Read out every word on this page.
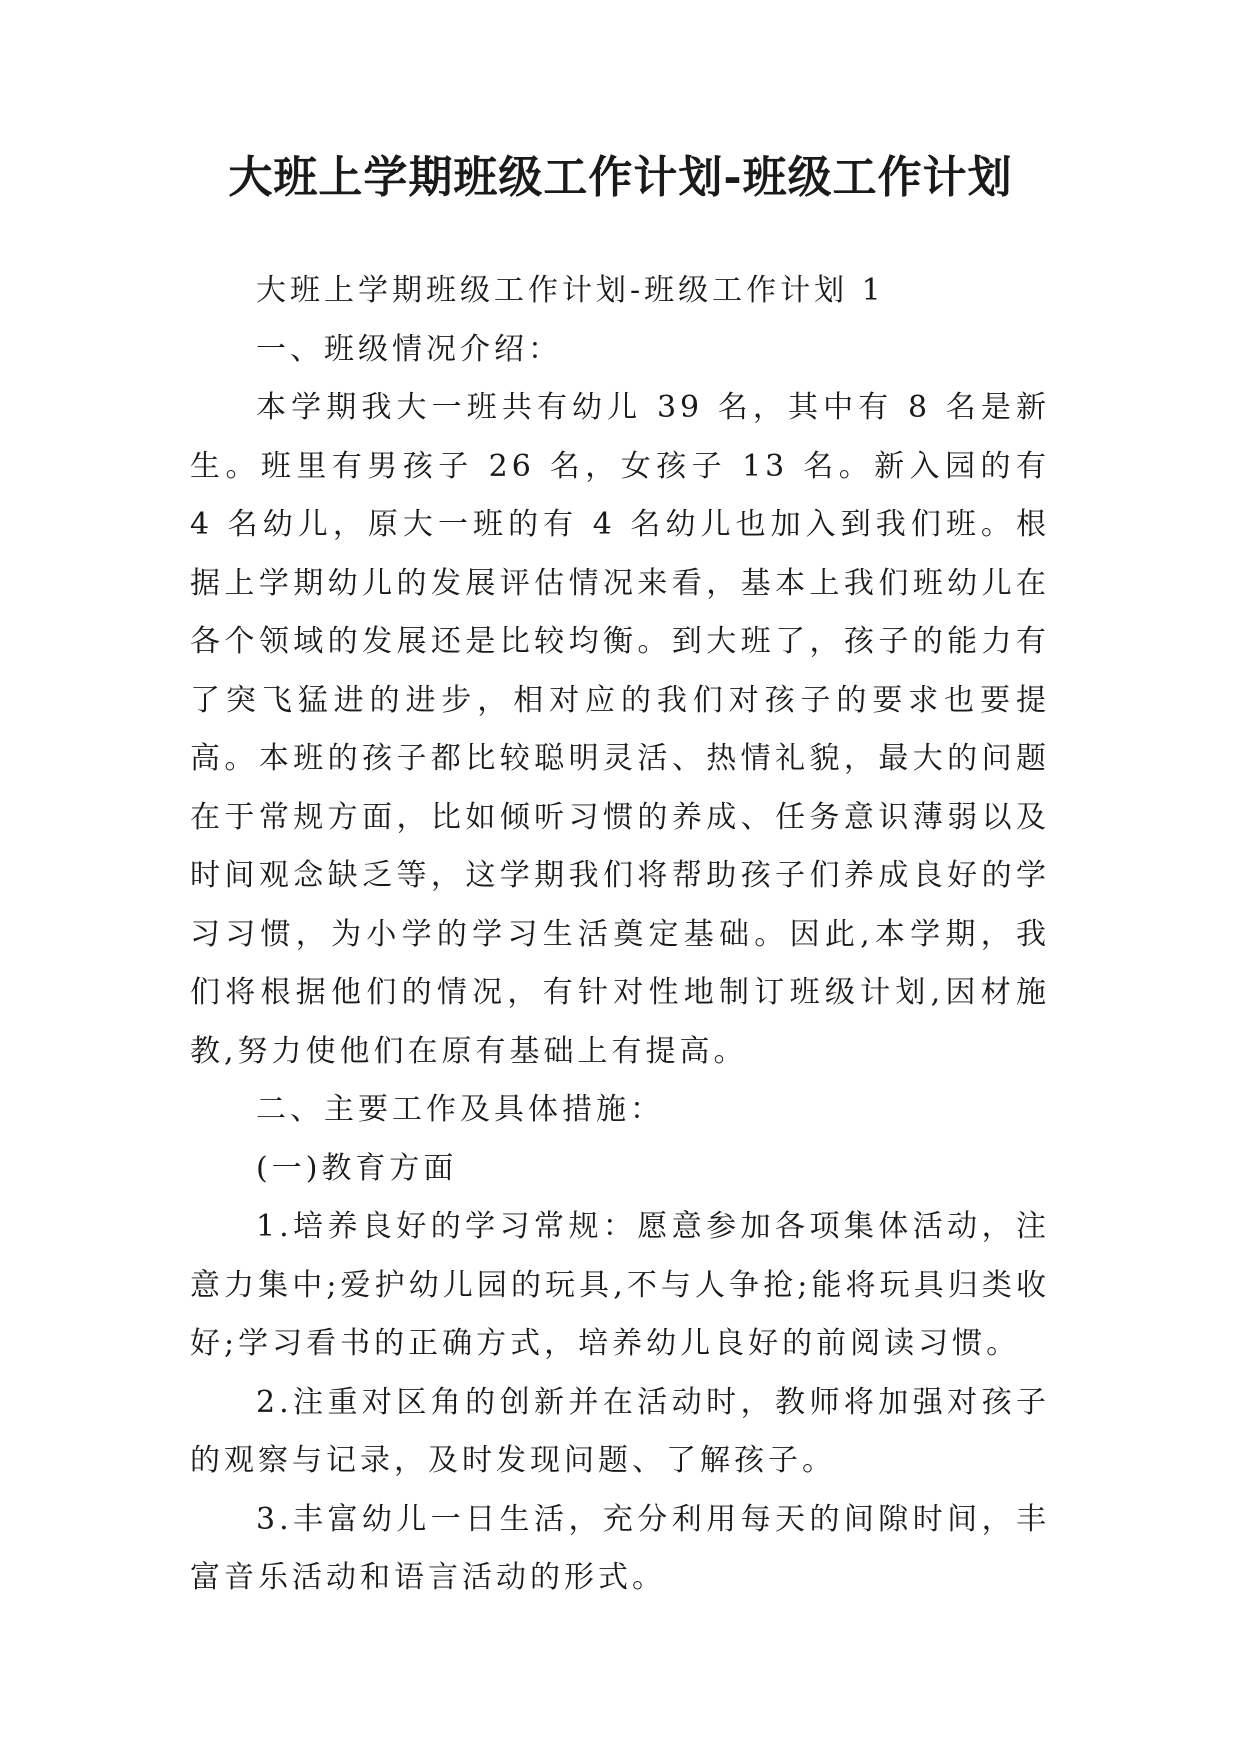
大班上学期班级工作计划-班级工作计划

大班上学期班级工作计划-班级工作计划 1

一、班级情况介绍：

本学期我大一班共有幼儿 39 名，其中有 8 名是新生。班里有男孩子 26 名，女孩子 13 名。新入园的有 4 名幼儿，原大一班的有 4 名幼儿也加入到我们班。根据上学期幼儿的发展评估情况来看，基本上我们班幼儿在各个领域的发展还是比较均衡。到大班了，孩子的能力有了突飞猛进的进步，相对应的我们对孩子的要求也要提高。本班的孩子都比较聪明灵活、热情礼貌，最大的问题在于常规方面，比如倾听习惯的养成、任务意识薄弱以及时间观念缺乏等，这学期我们将帮助孩子们养成良好的学习习惯，为小学的学习生活奠定基础。因此,本学期，我们将根据他们的情况，有针对性地制订班级计划,因材施教,努力使他们在原有基础上有提高。

二、主要工作及具体措施：

(一)教育方面

1.培养良好的学习常规：愿意参加各项集体活动，注意力集中;爱护幼儿园的玩具,不与人争抢;能将玩具归类收好;学习看书的正确方式，培养幼儿良好的前阅读习惯。

2.注重对区角的创新并在活动时，教师将加强对孩子的观察与记录，及时发现问题、了解孩子。

3.丰富幼儿一日生活，充分利用每天的间隙时间，丰富音乐活动和语言活动的形式。
